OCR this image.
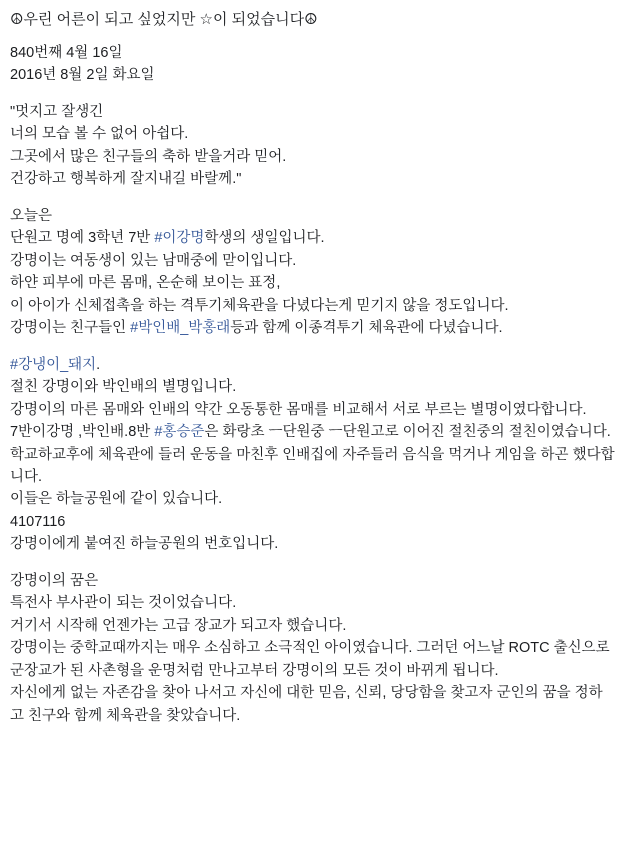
☮우린 어른이 되고 싶었지만 ☆이 되었습니다☮
840번째 4월 16일
2016년 8월 2일 화요일
"멋지고 잘생긴
너의 모습 볼 수 없어 아쉽다.
그곳에서 많은 친구들의 축하 받을거라 믿어.
건강하고 행복하게 잘지내길 바랄께."
오늘은
단원고 명예 3학년 7반 #이강명학생의 생일입니다.
강명이는 여동생이 있는 남매중에 맏이입니다.
하얀 피부에 마른 몸매, 온순해 보이는 표정,
이 아이가 신체접촉을 하는 격투기체육관을 다녔다는게 믿기지 않을 정도입니다.
강명이는 친구들인 #박인배_박홍래등과 함께 이종격투기 체육관에 다녔습니다.
#강냉이_돼지.
절친 강명이와 박인배의 별명입니다.
강명이의 마른 몸매와 인배의 약간 오동통한 몸매를 비교해서 서로 부르는 별명이였다합니다.
7반이강명 ,박인배.8반 #홍승준은 화랑초 ㅡ단원중 ㅡ단원고로 이어진 절친중의 절친이였습니다.
학교하교후에 체육관에 들러 운동을 마친후 인배집에 자주들러 음식을 먹거나 게임을 하곤 했다합니다.
이들은 하늘공원에 같이 있습니다.
4107116
강명이에게 붙여진 하늘공원의 번호입니다.
강명이의 꿈은
특전사 부사관이 되는 것이었습니다.
거기서 시작해 언젠가는 고급 장교가 되고자 했습니다.
강명이는 중학교때까지는 매우 소심하고 소극적인 아이였습니다. 그러던 어느날 ROTC 출신으로 군장교가 된 사촌형을 운명처럼 만나고부터 강명이의 모든 것이 바뀌게 됩니다.
자신에게 없는 자존감을 찾아 나서고 자신에 대한 믿음, 신뢰, 당당함을 찾고자 군인의 꿈을 정하고 친구와 함께 체육관을 찾았습니다.
